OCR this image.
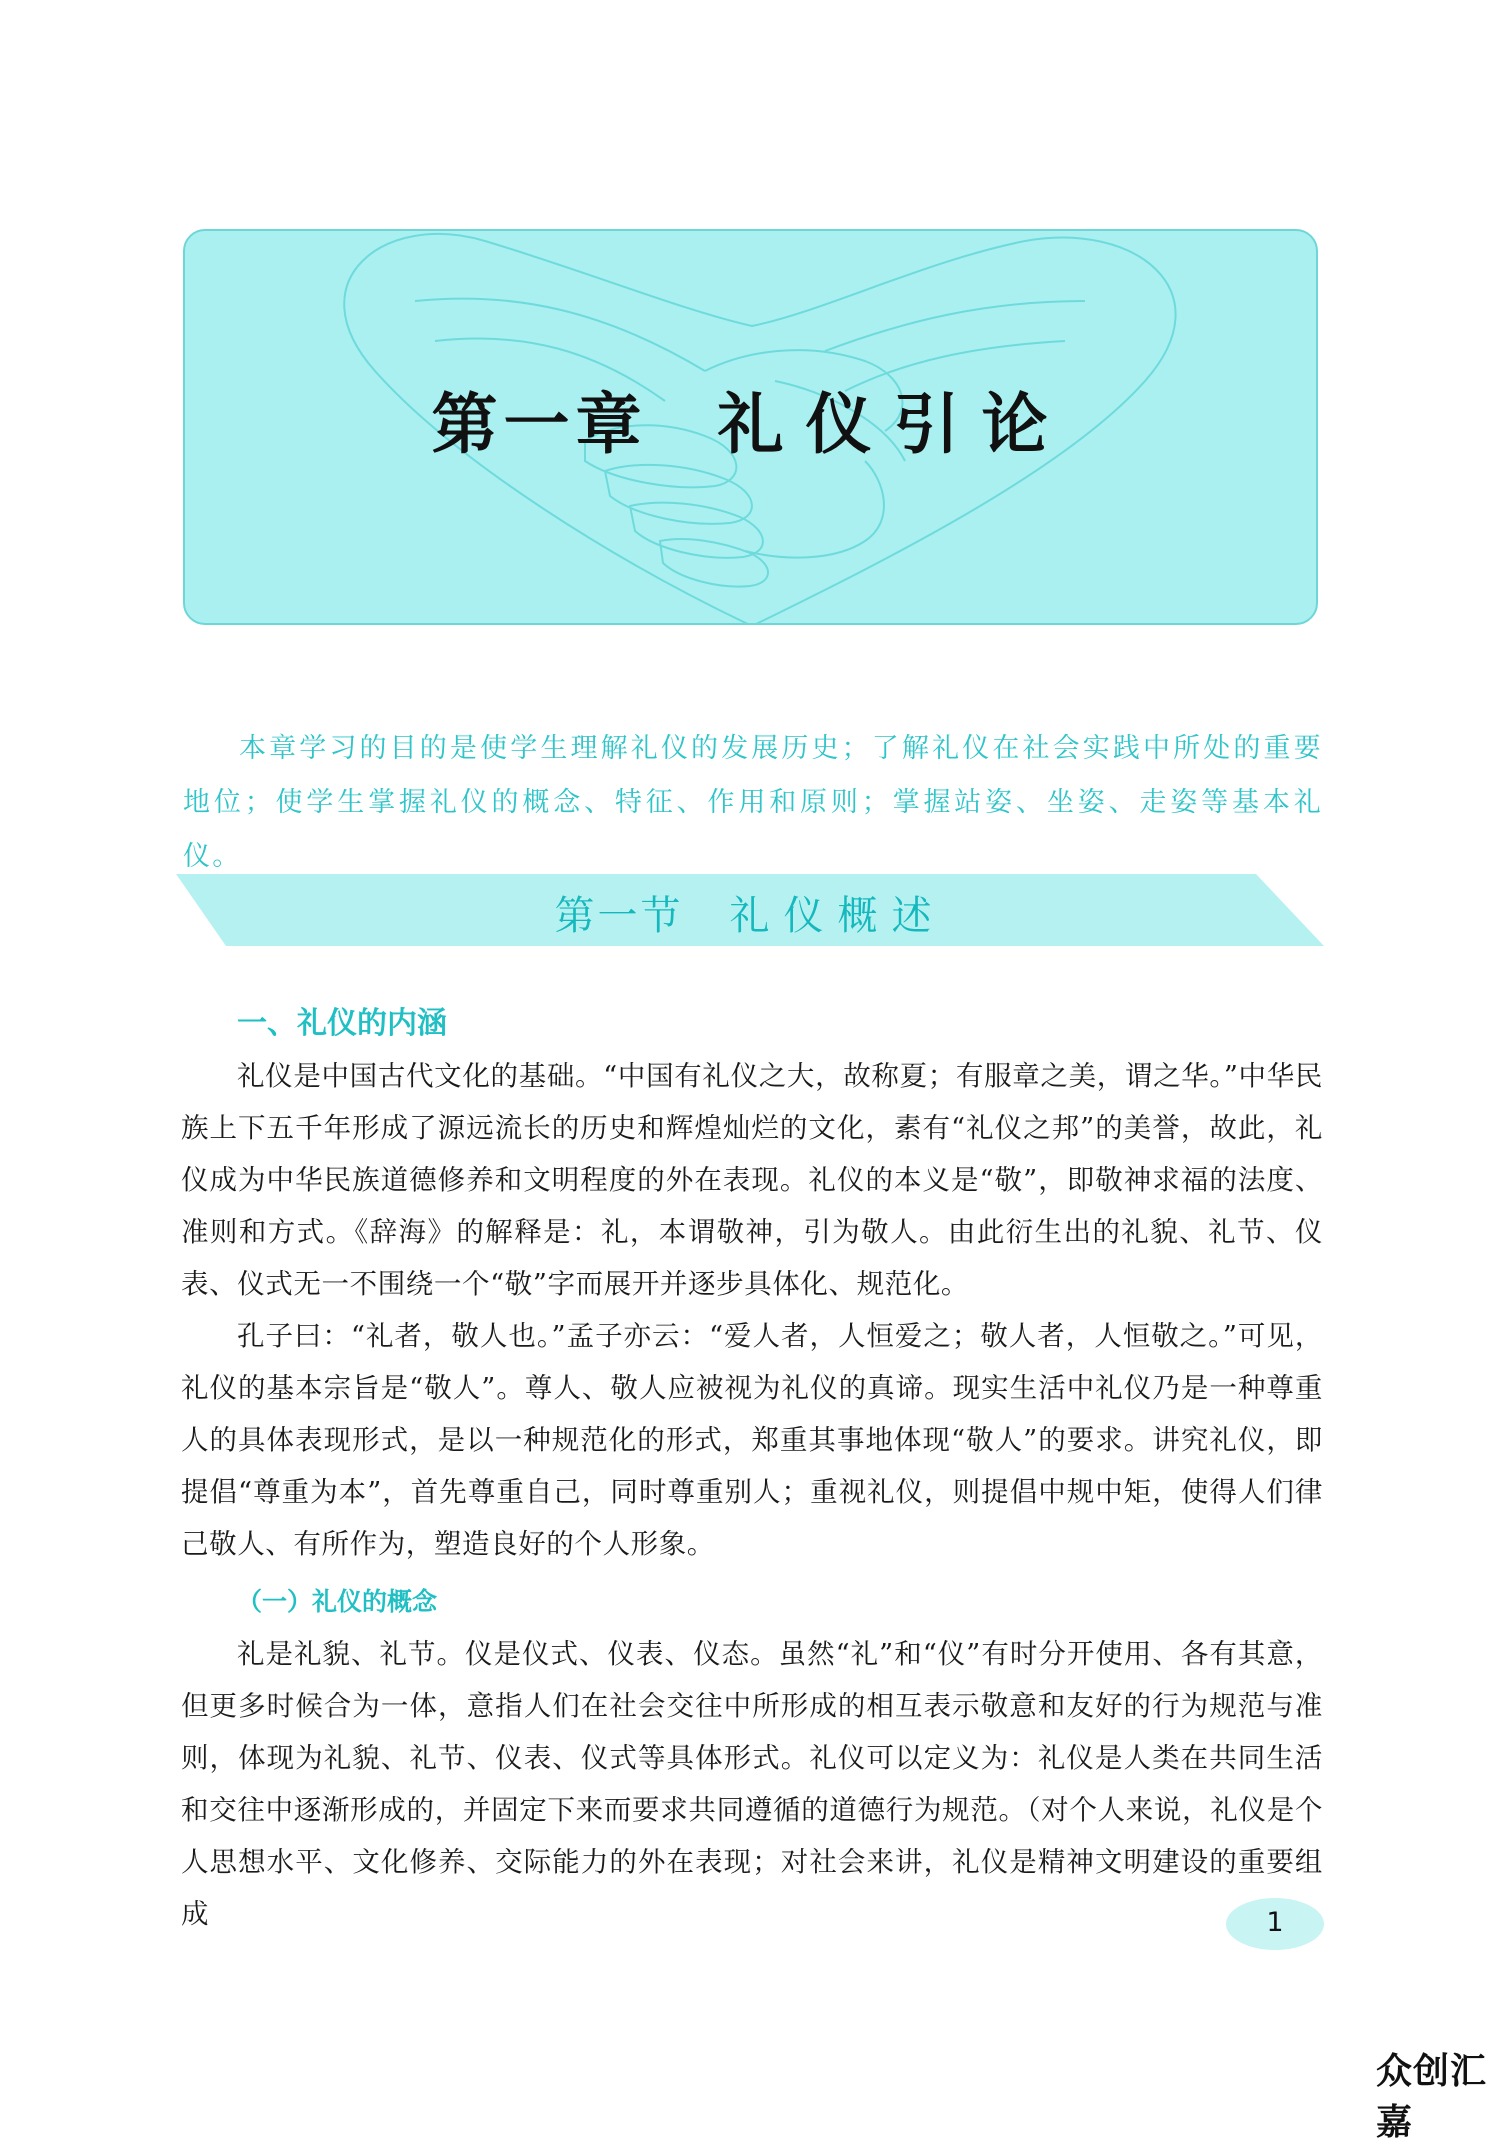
第一章 礼仪引论
本章学习的目的是使学生理解礼仪的发展历史；了解礼仪在社会实践中所处的重要地位；使学生掌握礼仪的概念、特征、作用和原则；掌握站姿、坐姿、走姿等基本礼仪。
第一节 礼仪概述
一、礼仪的内涵

礼仪是中国古代文化的基础。“中国有礼仪之大，故称夏；有服章之美，谓之华。”中华民族上下五千年形成了源远流长的历史和辉煌灿烂的文化，素有“礼仪之邦”的美誉，故此，礼仪成为中华民族道德修养和文明程度的外在表现。礼仪的本义是“敬”，即敬神求福的法度、准则和方式。《辞海》的解释是：礼，本谓敬神，引为敬人。由此衍生出的礼貌、礼节、仪表、仪式无一不围绕一个“敬”字而展开并逐步具体化、规范化。

孔子曰：“礼者，敬人也。”孟子亦云：“爱人者，人恒爱之；敬人者，人恒敬之。”可见，礼仪的基本宗旨是“敬人”。尊人、敬人应被视为礼仪的真谛。现实生活中礼仪乃是一种尊重人的具体表现形式，是以一种规范化的形式，郑重其事地体现“敬人”的要求。讲究礼仪，即提倡“尊重为本”，首先尊重自己，同时尊重别人；重视礼仪，则提倡中规中矩，使得人们律己敬人、有所作为，塑造良好的个人形象。

（一）礼仪的概念

礼是礼貌、礼节。仪是仪式、仪表、仪态。虽然“礼”和“仪”有时分开使用、各有其意，但更多时候合为一体，意指人们在社会交往中所形成的相互表示敬意和友好的行为规范与准则，体现为礼貌、礼节、仪表、仪式等具体形式。礼仪可以定义为：礼仪是人类在共同生活和交往中逐渐形成的，并固定下来而要求共同遵循的道德行为规范。（对个人来说，礼仪是个人思想水平、文化修养、交际能力的外在表现；对社会来讲，礼仪是精神文明建设的重要组成	1
众创汇嘉
